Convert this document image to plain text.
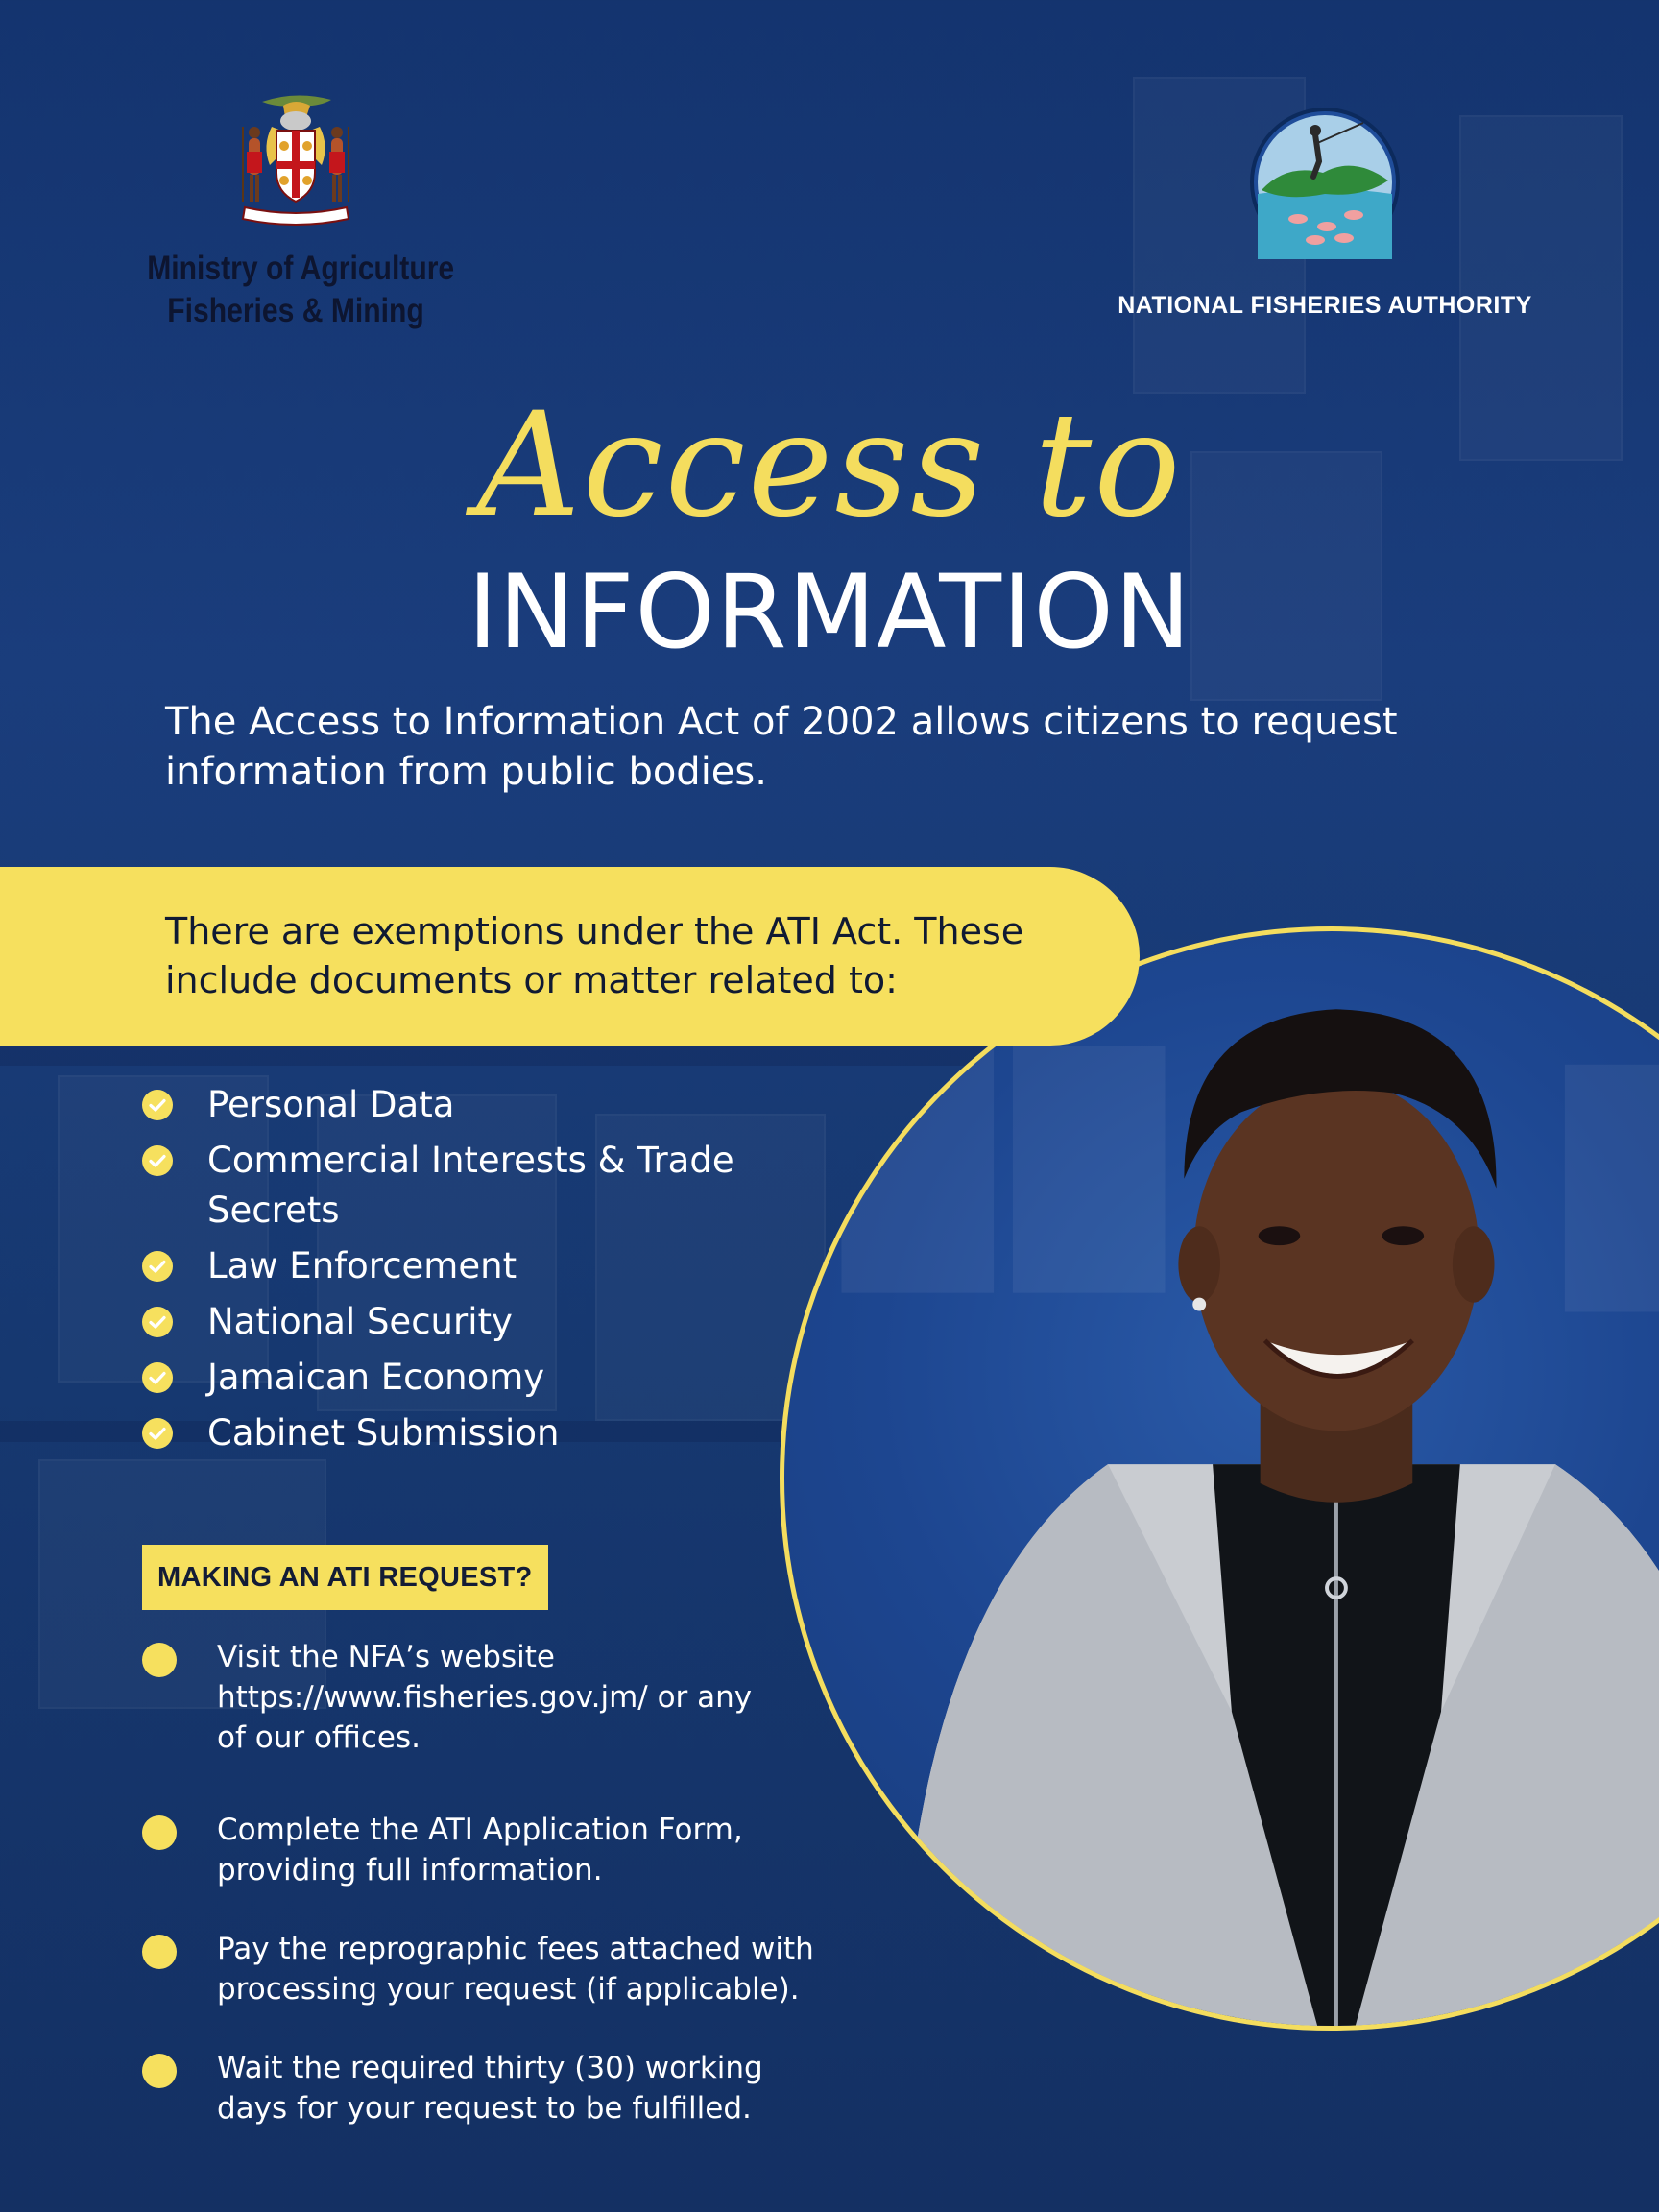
Ministry of Agriculture
Fisheries & Mining	NATIONAL FISHERIES AUTHORITY
Access to
INFORMATION

The Access to Information Act of 2002 allows citizens to request information from public bodies.

There are exemptions under the ATI Act. These
include documents or matter related to:
Personal Data
Commercial Interests & Trade Secrets
Law Enforcement
National Security
Jamaican Economy
Cabinet Submission
MAKING AN ATI REQUEST?
Visit the NFA’s website
https://www.fisheries.gov.jm/ or any
of our offices.
Complete the ATI Application Form,
providing full information.
Pay the reprographic fees attached with
processing your request (if applicable).
Wait the required thirty (30) working
days for your request to be fulfilled.
